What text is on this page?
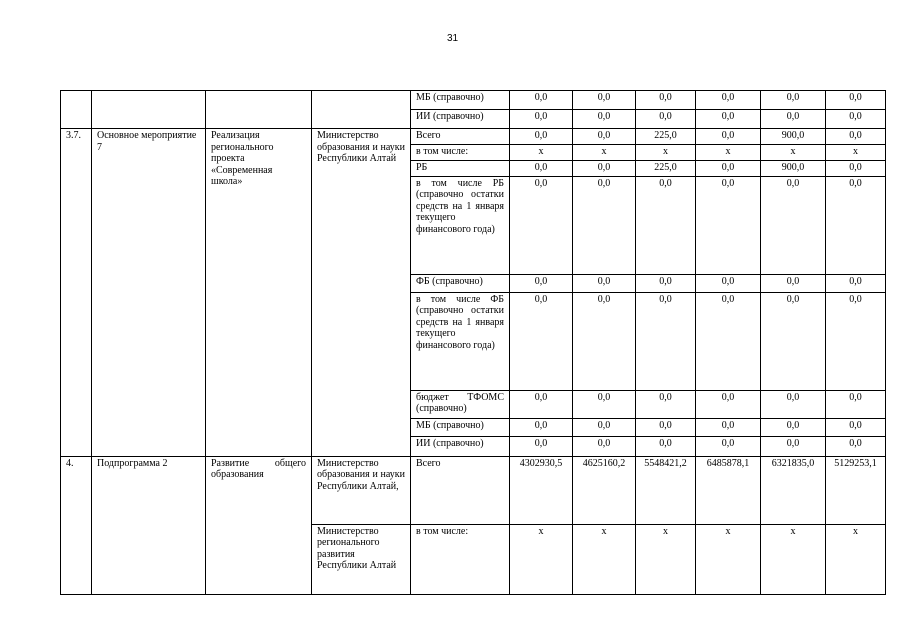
31
				МБ (справочно)	0,0	0,0	0,0	0,0	0,0	0,0
				ИИ (справочно)	0,0	0,0	0,0	0,0	0,0	0,0
3.7.	Основное мероприятие 7	Реализация регионального проекта «Современная школа»	Министерство образования и науки Республики Алтай	Всего	0,0	0,0	225,0	0,0	900,0	0,0
				в том числе:	х	х	х	х	х	х
				РБ	0,0	0,0	225,0	0,0	900,0	0,0
				в том числе РБ (справочно остатки средств на 1 января текущего финансового года)	0,0	0,0	0,0	0,0	0,0	0,0
				ФБ (справочно)	0,0	0,0	0,0	0,0	0,0	0,0
				в том числе ФБ (справочно остатки средств на 1 января текущего финансового года)	0,0	0,0	0,0	0,0	0,0	0,0
				бюджет ТФОМС (справочно)	0,0	0,0	0,0	0,0	0,0	0,0
				МБ (справочно)	0,0	0,0	0,0	0,0	0,0	0,0
				ИИ (справочно)	0,0	0,0	0,0	0,0	0,0	0,0
4.	Подпрограмма 2	Развитие общего образования	Министерство образования и науки Республики Алтай,	Всего	4302930,5	4625160,2	5548421,2	6485878,1	6321835,0	5129253,1
			Министерство регионального развития Республики Алтай	в том числе:	х	х	х	х	х	х
